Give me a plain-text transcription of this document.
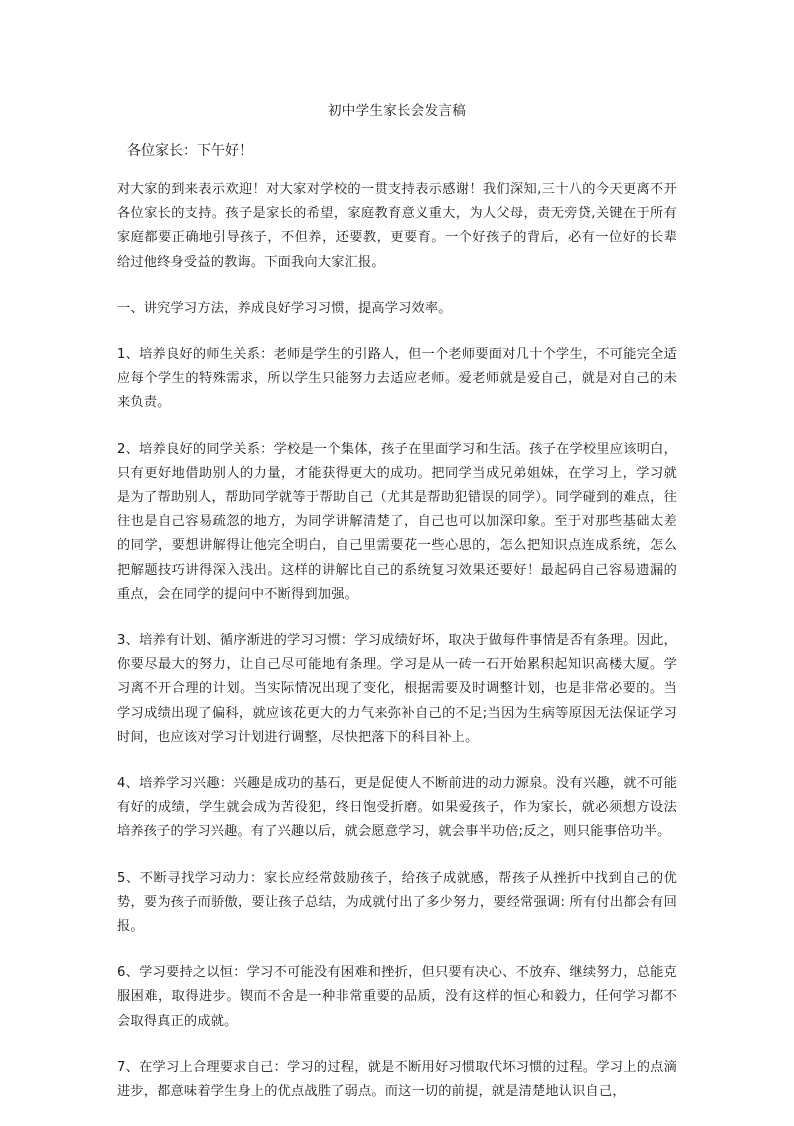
初中学生家长会发言稿
各位家长：下午好！

对大家的到来表示欢迎！对大家对学校的一贯支持表示感谢！我们深知,三十八的今天更离不开各位家长的支持。孩子是家长的希望，家庭教育意义重大，为人父母，责无旁贷,关键在于所有家庭都要正确地引导孩子，不但养，还要教，更要育。一个好孩子的背后，必有一位好的长辈给过他终身受益的教诲。下面我向大家汇报。

一、讲究学习方法，养成良好学习习惯，提高学习效率。

1、培养良好的师生关系：老师是学生的引路人，但一个老师要面对几十个学生，不可能完全适应每个学生的特殊需求，所以学生只能努力去适应老师。爱老师就是爱自己，就是对自己的未来负责。

2、培养良好的同学关系：学校是一个集体，孩子在里面学习和生活。孩子在学校里应该明白，只有更好地借助别人的力量，才能获得更大的成功。把同学当成兄弟姐妹，在学习上，学习就是为了帮助别人，帮助同学就等于帮助自己（尤其是帮助犯错误的同学）。同学碰到的难点，往往也是自己容易疏忽的地方，为同学讲解清楚了，自己也可以加深印象。至于对那些基础太差的同学，要想讲解得让他完全明白，自己里需要花一些心思的，怎么把知识点连成系统，怎么把解题技巧讲得深入浅出。这样的讲解比自己的系统复习效果还要好！最起码自己容易遗漏的重点，会在同学的提问中不断得到加强。

3、培养有计划、循序渐进的学习习惯：学习成绩好坏，取决于做每件事情是否有条理。因此，你要尽最大的努力，让自己尽可能地有条理。学习是从一砖一石开始累积起知识高楼大厦。学习离不开合理的计划。当实际情况出现了变化，根据需要及时调整计划，也是非常必要的。当学习成绩出现了偏科，就应该花更大的力气来弥补自己的不足;当因为生病等原因无法保证学习时间，也应该对学习计划进行调整，尽快把落下的科目补上。

4、培养学习兴趣：兴趣是成功的基石，更是促使人不断前进的动力源泉。没有兴趣，就不可能有好的成绩，学生就会成为苦役犯，终日饱受折磨。如果爱孩子，作为家长，就必须想方设法培养孩子的学习兴趣。有了兴趣以后，就会愿意学习，就会事半功倍;反之，则只能事倍功半。

5、不断寻找学习动力：家长应经常鼓励孩子，给孩子成就感，帮孩子从挫折中找到自己的优势，要为孩子而骄傲，要让孩子总结，为成就付出了多少努力，要经常强调: 所有付出都会有回报。

6、学习要持之以恒：学习不可能没有困难和挫折，但只要有决心、不放弃、继续努力，总能克服困难，取得进步。锲而不舍是一种非常重要的品质，没有这样的恒心和毅力，任何学习都不会取得真正的成就。

7、在学习上合理要求自己：学习的过程，就是不断用好习惯取代坏习惯的过程。学习上的点滴进步，都意味着学生身上的优点战胜了弱点。而这一切的前提，就是清楚地认识自己，
